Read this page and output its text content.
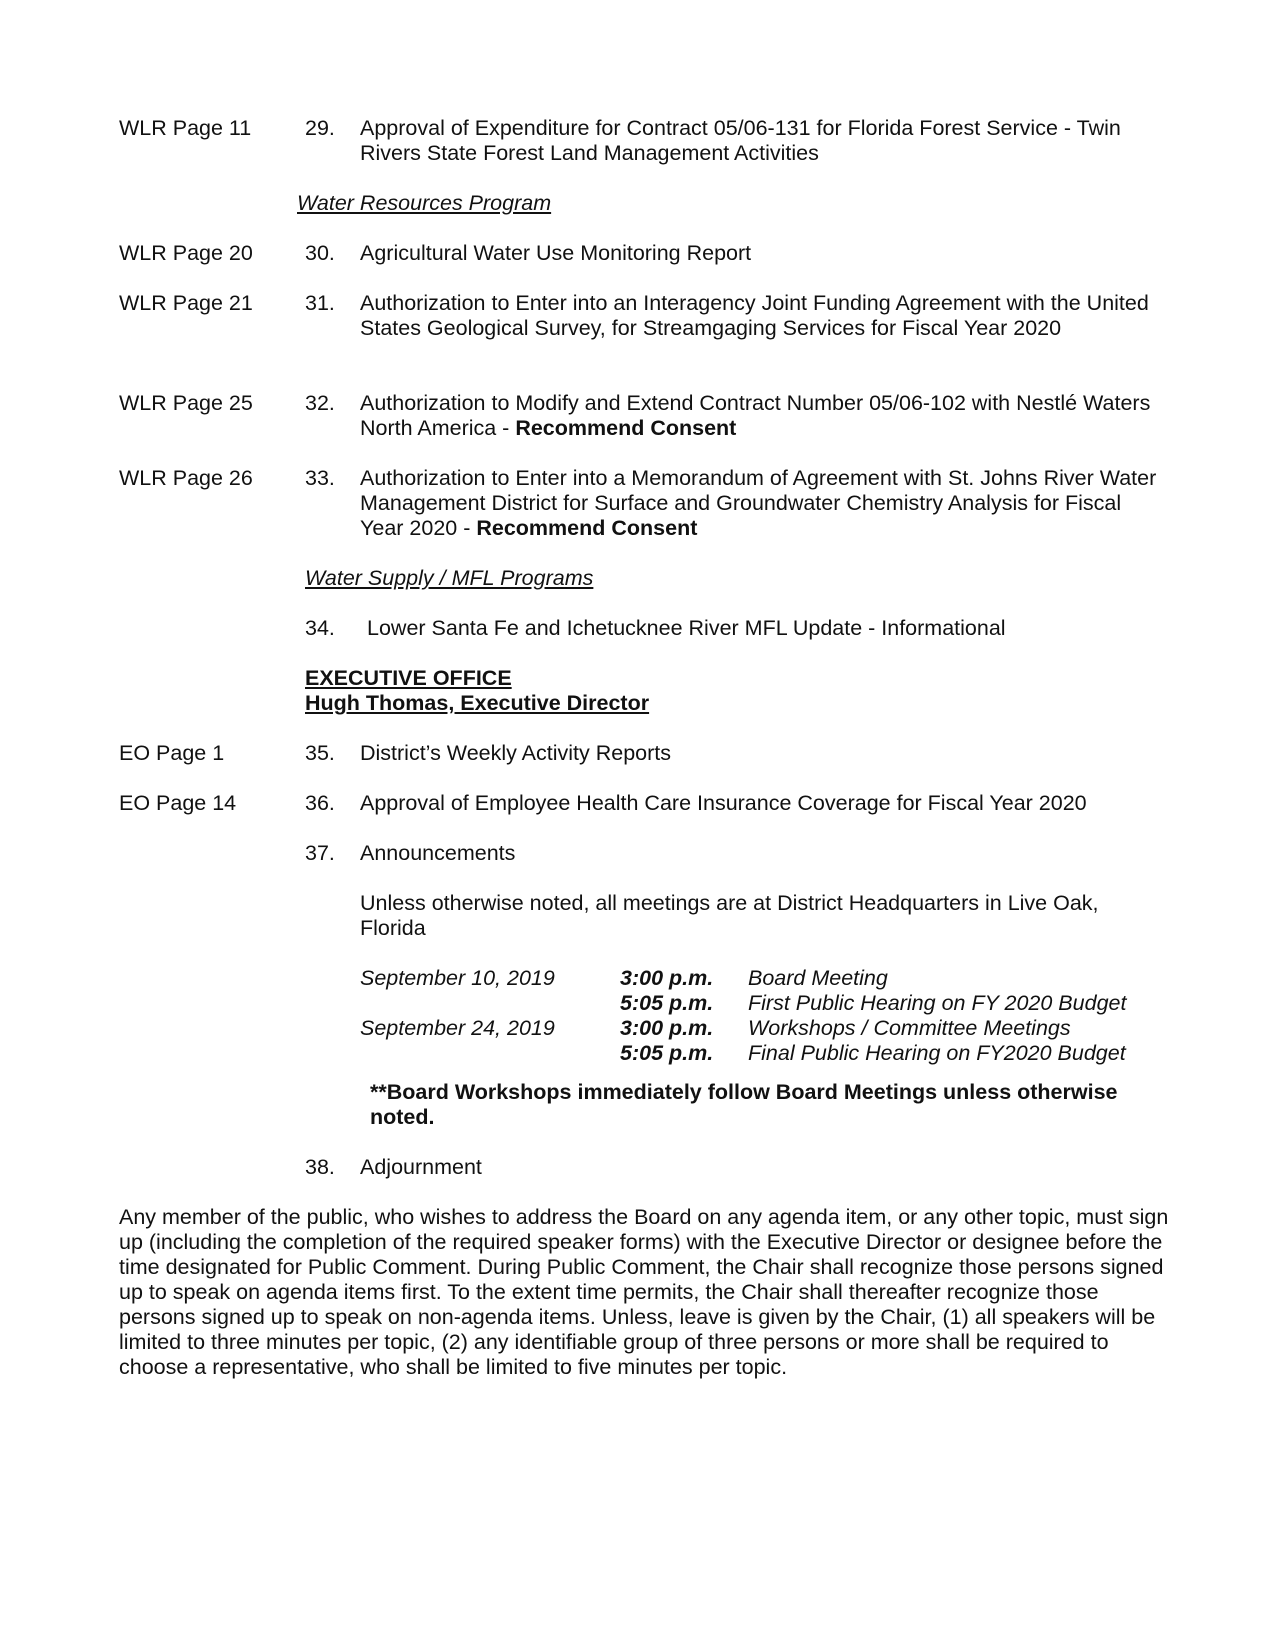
WLR Page 11 29. Approval of Expenditure for Contract 05/06-131 for Florida Forest Service - Twin Rivers State Forest Land Management Activities
Water Resources Program
WLR Page 20 30. Agricultural Water Use Monitoring Report
WLR Page 21 31. Authorization to Enter into an Interagency Joint Funding Agreement with the United States Geological Survey, for Streamgaging Services for Fiscal Year 2020
WLR Page 25 32. Authorization to Modify and Extend Contract Number 05/06-102 with Nestlé Waters North America - Recommend Consent
WLR Page 26 33. Authorization to Enter into a Memorandum of Agreement with St. Johns River Water Management District for Surface and Groundwater Chemistry Analysis for Fiscal Year 2020 - Recommend Consent
Water Supply / MFL Programs
34. Lower Santa Fe and Ichetucknee River MFL Update - Informational
EXECUTIVE OFFICE
Hugh Thomas, Executive Director
EO Page 1	35. District’s Weekly Activity Reports
EO Page 14	36. Approval of Employee Health Care Insurance Coverage for Fiscal Year 2020
37. Announcements
Unless otherwise noted, all meetings are at District Headquarters in Live Oak, Florida
September 10, 2019	3:00 p.m. Board Meeting
5:05 p.m. First Public Hearing on FY 2020 Budget
September 24, 2019	3:00 p.m. Workshops / Committee Meetings
5:05 p.m. Final Public Hearing on FY2020 Budget
**Board Workshops immediately follow Board Meetings unless otherwise noted.
38. Adjournment
Any member of the public, who wishes to address the Board on any agenda item, or any other topic, must sign up (including the completion of the required speaker forms) with the Executive Director or designee before the time designated for Public Comment. During Public Comment, the Chair shall recognize those persons signed up to speak on agenda items first. To the extent time permits, the Chair shall thereafter recognize those persons signed up to speak on non-agenda items. Unless, leave is given by the Chair, (1) all speakers will be limited to three minutes per topic, (2) any identifiable group of three persons or more shall be required to choose a representative, who shall be limited to five minutes per topic.
